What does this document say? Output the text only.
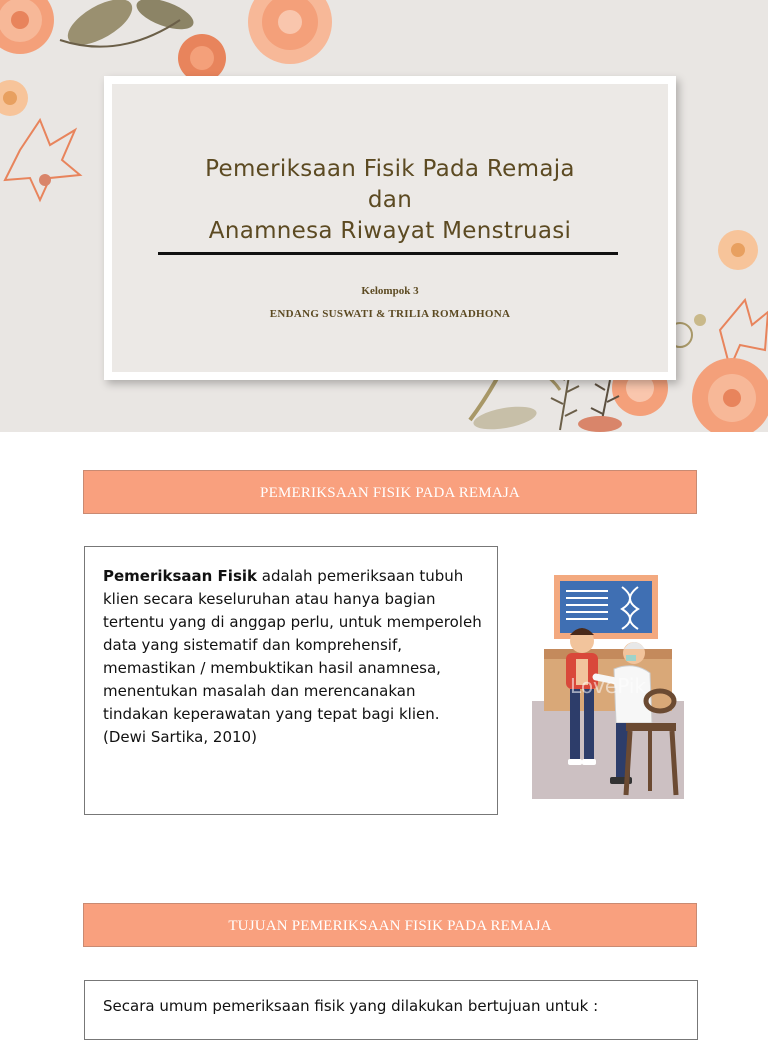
Pemeriksaan Fisik Pada Remaja
dan
Anamnesa Riwayat Menstruasi
Kelompok 3
ENDANG SUSWATI & TRILIA ROMADHONA
PEMERIKSAAN FISIK PADA REMAJA
Pemeriksaan Fisik adalah pemeriksaan tubuh klien secara keseluruhan atau hanya bagian tertentu yang di anggap perlu, untuk memperoleh data yang sistematif dan komprehensif, memastikan / membuktikan hasil anamnesa, menentukan masalah dan merencanakan tindakan keperawatan yang tepat bagi klien.
(Dewi Sartika, 2010)
LovePik
TUJUAN PEMERIKSAAN FISIK PADA REMAJA
Secara umum pemeriksaan fisik yang dilakukan bertujuan untuk :
